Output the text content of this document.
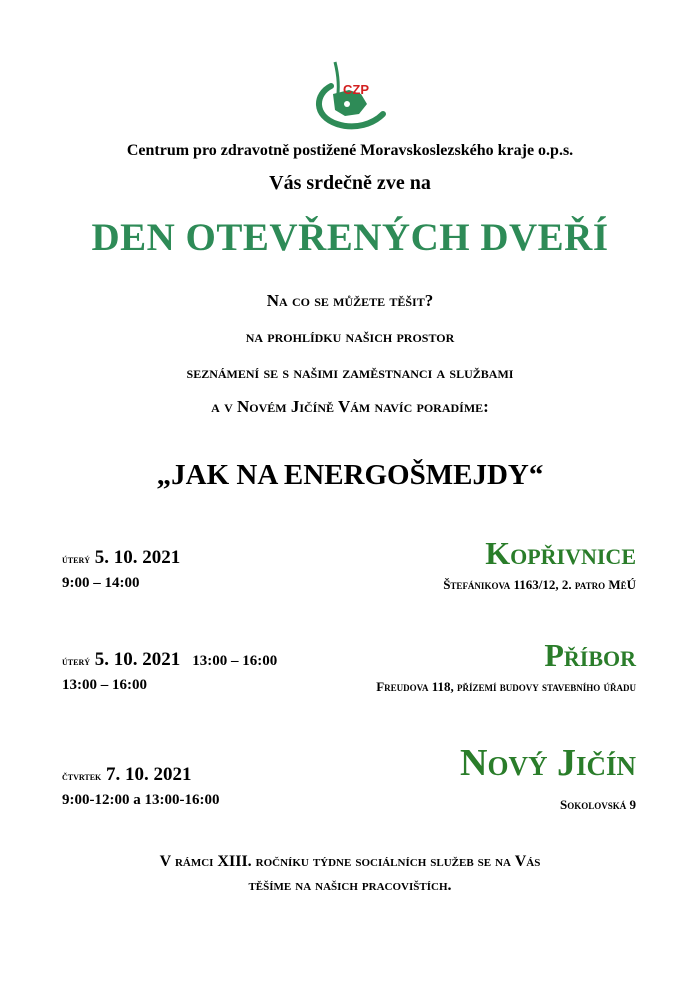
CZP
Centrum pro zdravotně postižené Moravskoslezského kraje o.p.s.
Vás srdečně zve na
DEN OTEVŘENÝCH DVEŘÍ
Na co se můžete těšit?
na prohlídku našich prostor
seznámení se s našimi zaměstnanci a službami
a v Novém Jičíně Vám navíc poradíme:
„JAK NA ENERGOŠMEJDY“
úterý 5. 10. 2021
9:00 – 14:00
Kopřivnice
Štefánikova 1163/12, 2. patro MěÚ
úterý 5. 10. 2021 13:00 – 16:00
13:00 – 16:00
Příbor
Freudova 118, přízemí budovy stavebního úřadu
čtvrtek 7. 10. 2021
9:00-12:00 a 13:00-16:00
Nový Jičín
Sokolovská 9
V rámci XIII. ročníku týdne sociálních služeb se na Vás
těšíme na našich pracovištích.
